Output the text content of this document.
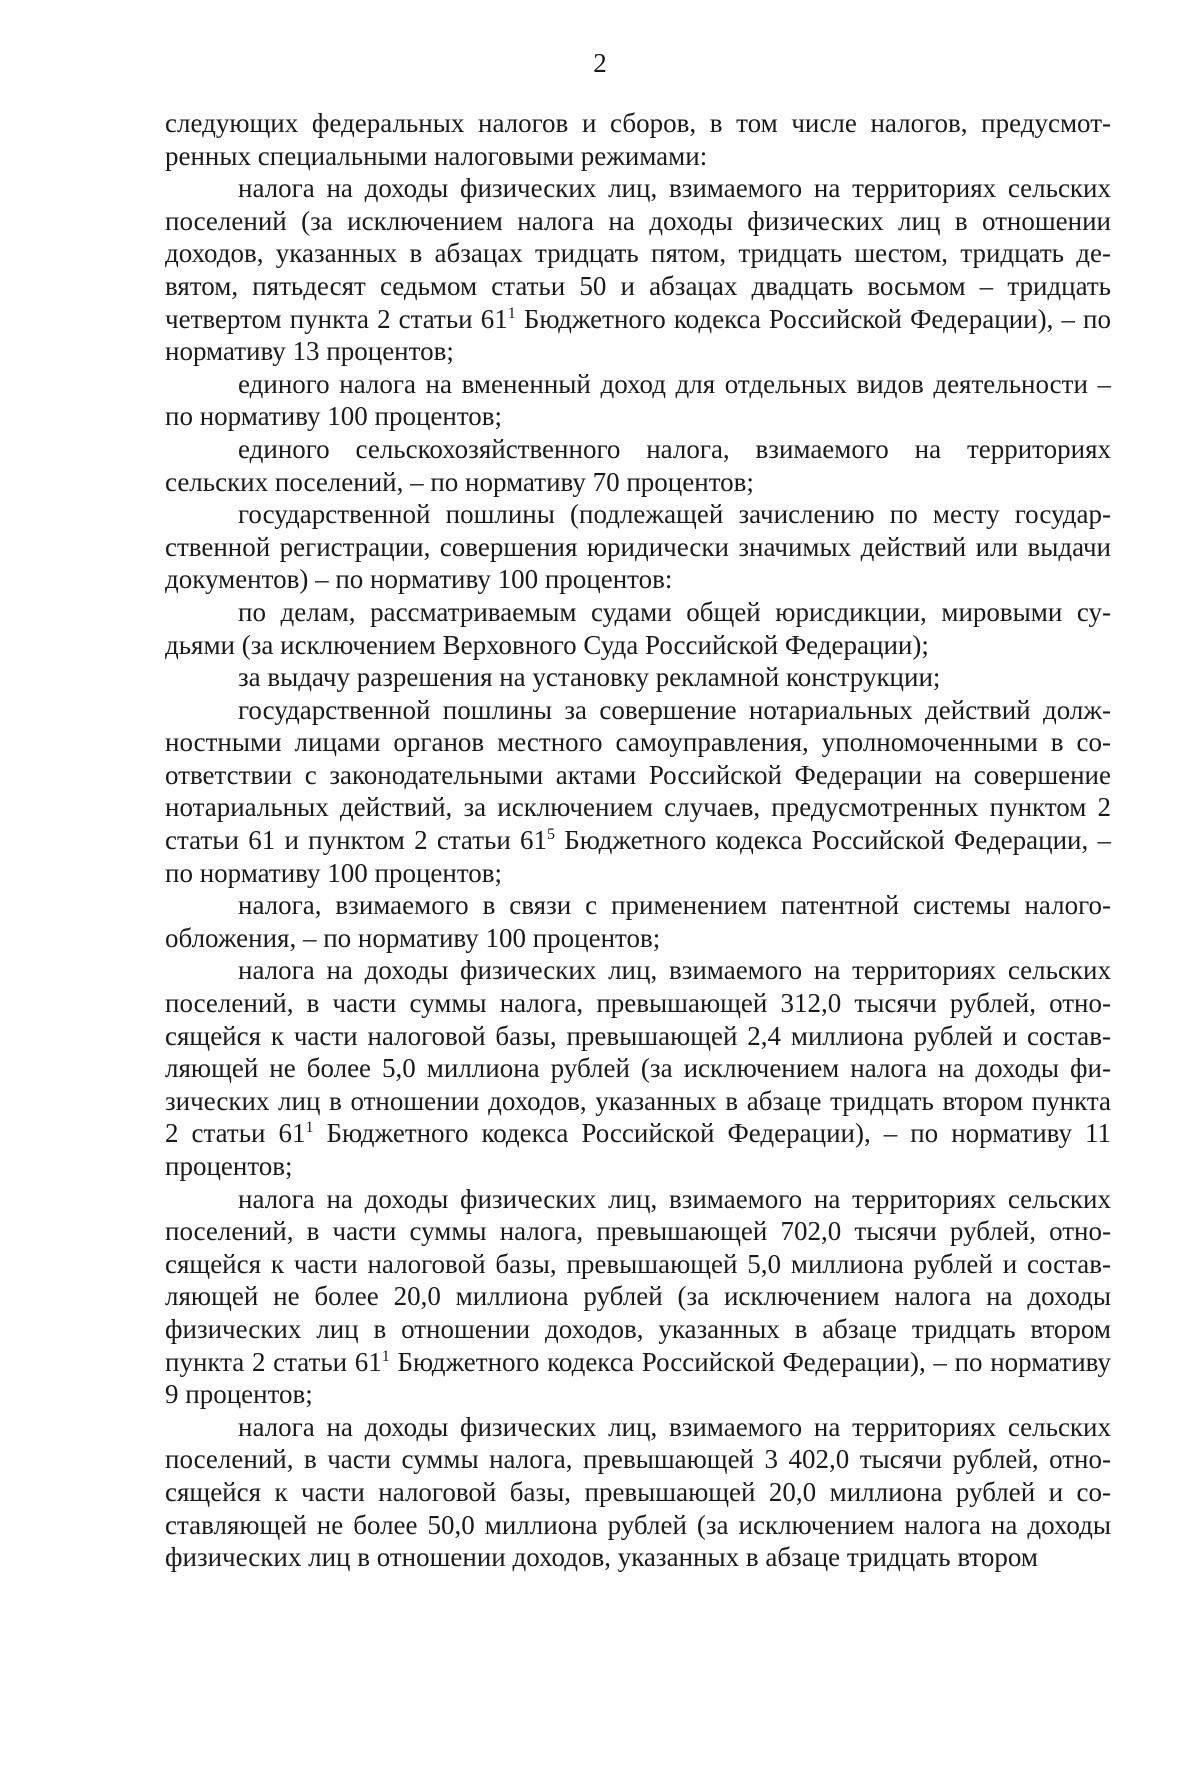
2

следующих федеральных налогов и сборов, в том числе налогов, предусмотренных специальными налоговыми режимами:

налога на доходы физических лиц, взимаемого на территориях сельских поселений (за исключением налога на доходы физических лиц в отношении доходов, указанных в абзацах тридцать пятом, тридцать шестом, тридцать девятом, пятьдесят седьмом статьи 50 и абзацах двадцать восьмом – тридцать четвертом пункта 2 статьи $61^1$ Бюджетного кодекса Российской Федерации), – по нормативу 13 процентов;

единого налога на вмененный доход для отдельных видов деятельности – по нормативу 100 процентов;

единого сельскохозяйственного налога, взимаемого на территориях сельских поселений, – по нормативу 70 процентов;

государственной пошлины (подлежащей зачислению по месту государственной регистрации, совершения юридически значимых действий или выдачи документов) – по нормативу 100 процентов:

по делам, рассматриваемым судами общей юрисдикции, мировыми судьями (за исключением Верховного Суда Российской Федерации);

за выдачу разрешения на установку рекламной конструкции;

государственной пошлины за совершение нотариальных действий должностными лицами органов местного самоуправления, уполномоченными в соответствии с законодательными актами Российской Федерации на совершение нотариальных действий, за исключением случаев, предусмотренных пунктом 2 статьи 61 и пунктом 2 статьи $61^5$ Бюджетного кодекса Российской Федерации, – по нормативу 100 процентов;

налога, взимаемого в связи с применением патентной системы налогообложения, – по нормативу 100 процентов;

налога на доходы физических лиц, взимаемого на территориях сельских поселений, в части суммы налога, превышающей 312,0 тысячи рублей, относящейся к части налоговой базы, превышающей 2,4 миллиона рублей и составляющей не более 5,0 миллиона рублей (за исключением налога на доходы физических лиц в отношении доходов, указанных в абзаце тридцать втором пункта 2 статьи $61^1$ Бюджетного кодекса Российской Федерации), – по нормативу 11 процентов;

налога на доходы физических лиц, взимаемого на территориях сельских поселений, в части суммы налога, превышающей 702,0 тысячи рублей, относящейся к части налоговой базы, превышающей 5,0 миллиона рублей и составляющей не более 20,0 миллиона рублей (за исключением налога на доходы физических лиц в отношении доходов, указанных в абзаце тридцать втором пункта 2 статьи $61^1$ Бюджетного кодекса Российской Федерации), – по нормативу 9 процентов;

налога на доходы физических лиц, взимаемого на территориях сельских поселений, в части суммы налога, превышающей 3 402,0 тысячи рублей, относящейся к части налоговой базы, превышающей 20,0 миллиона рублей и составляющей не более 50,0 миллиона рублей (за исключением налога на доходы физических лиц в отношении доходов, указанных в абзаце тридцать втором
